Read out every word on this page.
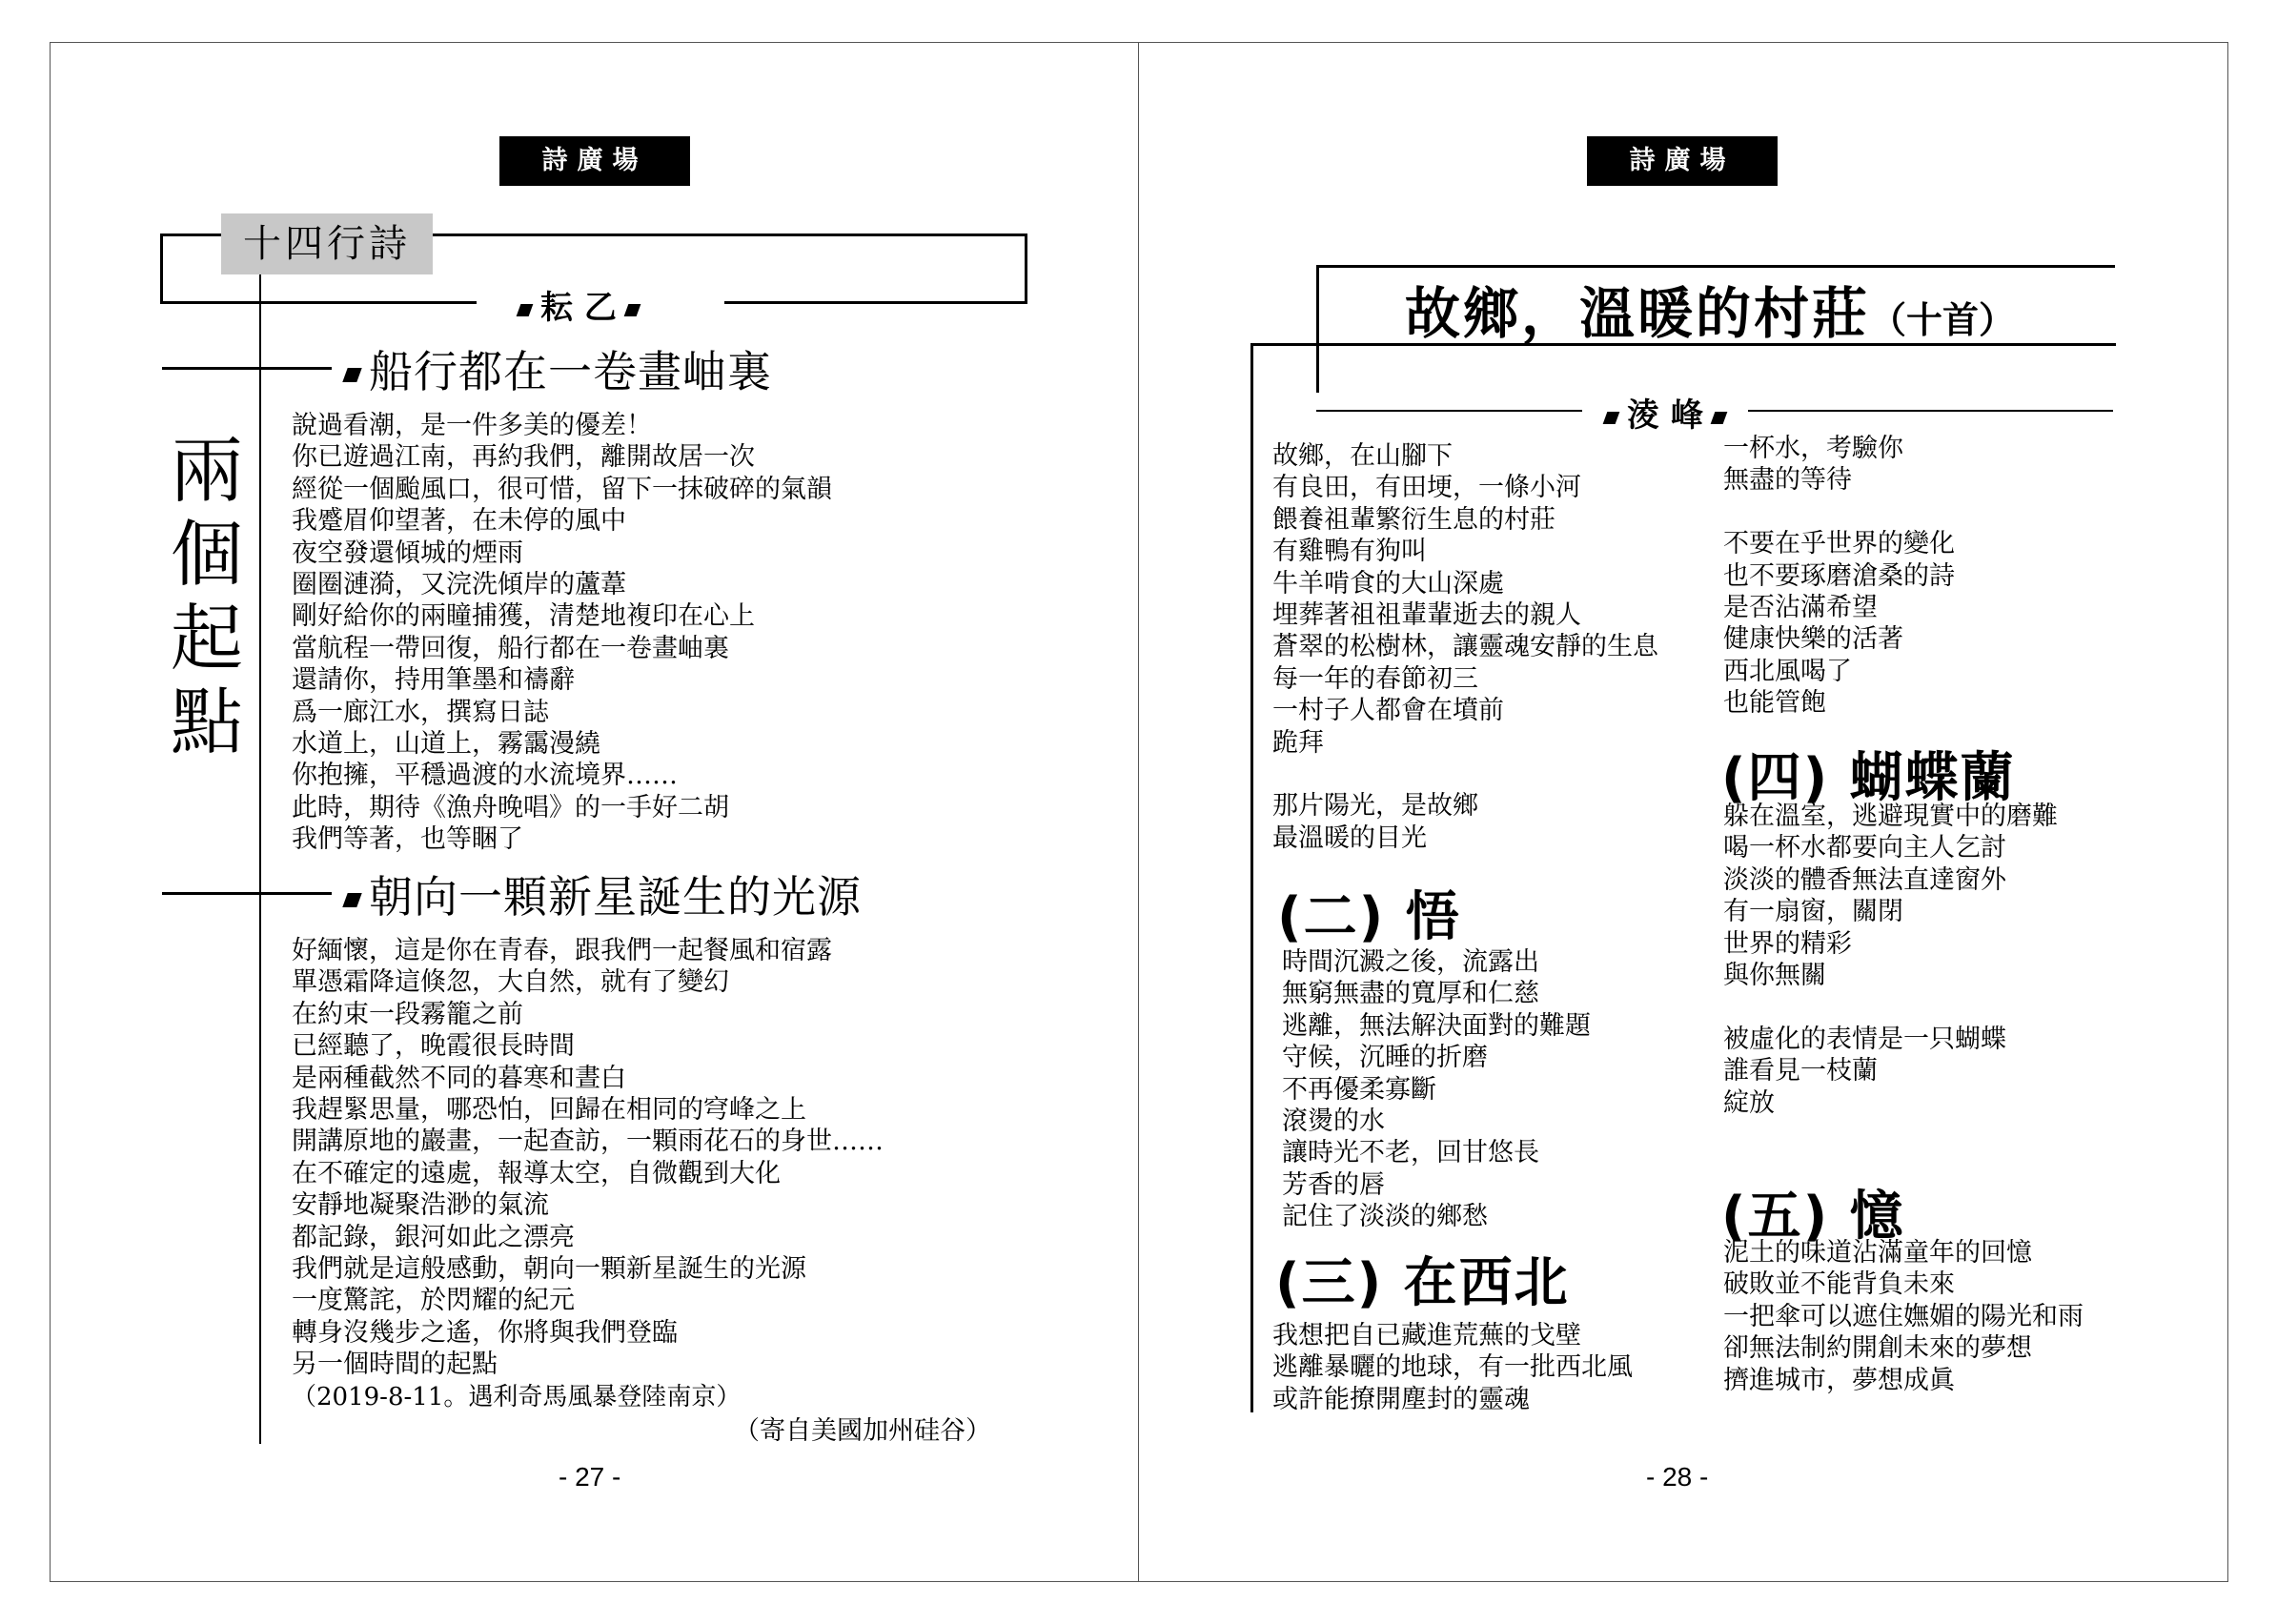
詩廣場
十四行詩
耘 乙
兩
個
起
點
船行都在一卷畫岫裏
說過看潮，是一件多美的優差！
你已遊過江南，再約我們，離開故居一次
經從一個颱風口，很可惜，留下一抹破碎的氣韻
我蹙眉仰望著，在未停的風中
夜空發還傾城的煙雨
圈圈漣漪，又浣洗傾岸的蘆葦
剛好給你的兩瞳捕獲，清楚地複印在心上
當航程一帶回復，船行都在一卷畫岫裏
還請你，持用筆墨和禱辭
爲一廊江水，撰寫日誌
水道上，山道上，霧靄漫繞
你抱擁，平穩過渡的水流境界……
此時，期待《漁舟晚唱》的一手好二胡
我們等著，也等睏了
朝向一顆新星誕生的光源
好緬懷，這是你在青春，跟我們一起餐風和宿露
單憑霜降這倏忽，大自然，就有了變幻
在約束一段霧籠之前
已經聽了，晚霞很長時間
是兩種截然不同的暮寒和晝白
我趕緊思量，哪恐怕，回歸在相同的穹峰之上
開講原地的巖畫，一起查訪，一顆雨花石的身世……
在不確定的遠處，報導太空，自微觀到大化
安靜地凝聚浩渺的氣流
都記錄，銀河如此之漂亮
我們就是這般感動，朝向一顆新星誕生的光源
一度驚詫，於閃耀的紀元
轉身沒幾步之遙，你將與我們登臨
另一個時間的起點
（2019-8-11。遇利奇馬風暴登陸南京）
（寄自美國加州硅谷）
- 27 -
詩廣場
故鄉，溫暖的村莊（十首）
淩 峰
故鄉，在山腳下
有良田，有田埂，一條小河
餵養祖輩繁衍生息的村莊
有雞鴨有狗叫
牛羊啃食的大山深處
埋葬著祖祖輩輩逝去的親人
蒼翠的松樹林，讓靈魂安靜的生息
每一年的春節初三
一村子人都會在墳前
跪拜
那片陽光，是故鄉
最溫暖的目光
(二) 悟
時間沉澱之後，流露出
無窮無盡的寬厚和仁慈
逃離，無法解決面對的難題
守候，沉睡的折磨
不再優柔寡斷
滾燙的水
讓時光不老，回甘悠長
芳香的唇
記住了淡淡的鄉愁
(三) 在西北
我想把自已藏進荒蕪的戈壁
逃離暴曬的地球，有一批西北風
或許能撩開塵封的靈魂
一杯水，考驗你
無盡的等待
不要在乎世界的變化
也不要琢磨滄桑的詩
是否沾滿希望
健康快樂的活著
西北風喝了
也能管飽
(四) 蝴蝶蘭
躲在溫室，逃避現實中的磨難
喝一杯水都要向主人乞討
淡淡的體香無法直達窗外
有一扇窗，關閉
世界的精彩
與你無關
被虛化的表情是一只蝴蝶
誰看見一枝蘭
綻放
(五) 憶
泥土的味道沾滿童年的回憶
破敗並不能背負未來
一把傘可以遮住嫵媚的陽光和雨
卻無法制約開創未來的夢想
擠進城市，夢想成眞
- 28 -
